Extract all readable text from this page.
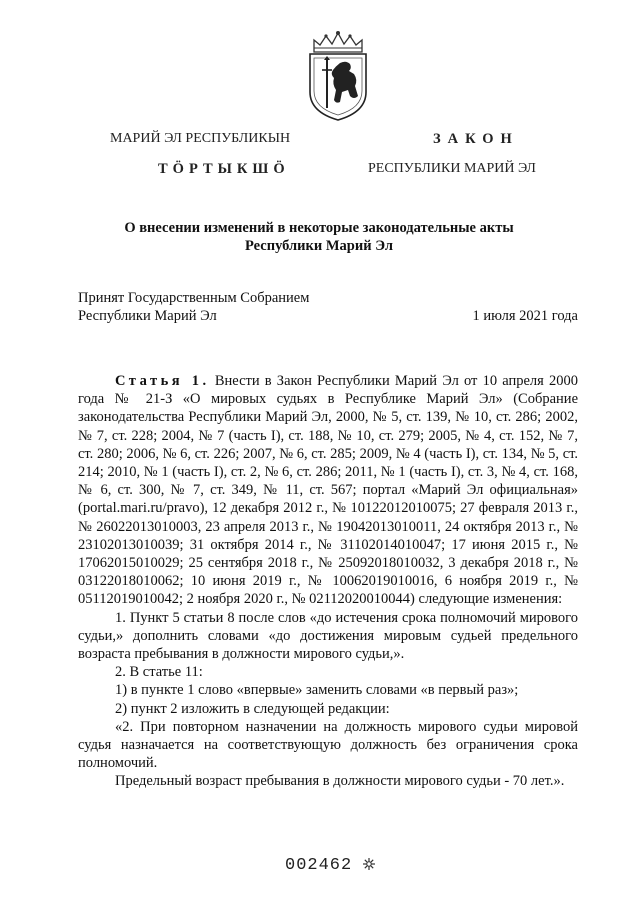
МАРИЙ ЭЛ РЕСПУБЛИКЫН
ТӦРТЫКШӦ
ЗАКОН
РЕСПУБЛИКИ МАРИЙ ЭЛ
О внесении изменений в некоторые законодательные акты
Республики Марий Эл
Принят Государственным Собранием
Республики Марий Эл	1 июля 2021 года

Статья 1. Внести в Закон Республики Марий Эл от 10 апреля 2000 года № 21-З «О мировых судьях в Республике Марий Эл» (Собрание законодательства Республики Марий Эл, 2000, № 5, ст. 139, № 10, ст. 286; 2002, № 7, ст. 228; 2004, № 7 (часть I), ст. 188, № 10, ст. 279; 2005, № 4, ст. 152, № 7, ст. 280; 2006, № 6, ст. 226; 2007, № 6, ст. 285; 2009, № 4 (часть I), ст. 134, № 5, ст. 214; 2010, № 1 (часть I), ст. 2, № 6, ст. 286; 2011, № 1 (часть I), ст. 3, № 4, ст. 168, № 6, ст. 300, № 7, ст. 349, № 11, ст. 567; портал «Марий Эл официальная» (portal.mari.ru/pravo), 12 декабря 2012 г., № 10122012010075; 27 февраля 2013 г., № 26022013010003, 23 апреля 2013 г., № 19042013010011, 24 октября 2013 г., № 23102013010039; 31 октября 2014 г., № 31102014010047; 17 июня 2015 г., № 17062015010029; 25 сентября 2018 г., № 25092018010032, 3 декабря 2018 г., № 03122018010062; 10 июня 2019 г., № 10062019010016, 6 ноября 2019 г., № 05112019010042; 2 ноября 2020 г., № 02112020010044) следующие изменения:

1. Пункт 5 статьи 8 после слов «до истечения срока полномочий мирового судьи,» дополнить словами «до достижения мировым судьей предельного возраста пребывания в должности мирового судьи,».

2. В статье 11:

1) в пункте 1 слово «впервые» заменить словами «в первый раз»;

2) пункт 2 изложить в следующей редакции:

«2. При повторном назначении на должность мирового судьи мировой судья назначается на соответствующую должность без ограничения срока полномочий.

Предельный возраст пребывания в должности мирового судьи - 70 лет.».

002462
